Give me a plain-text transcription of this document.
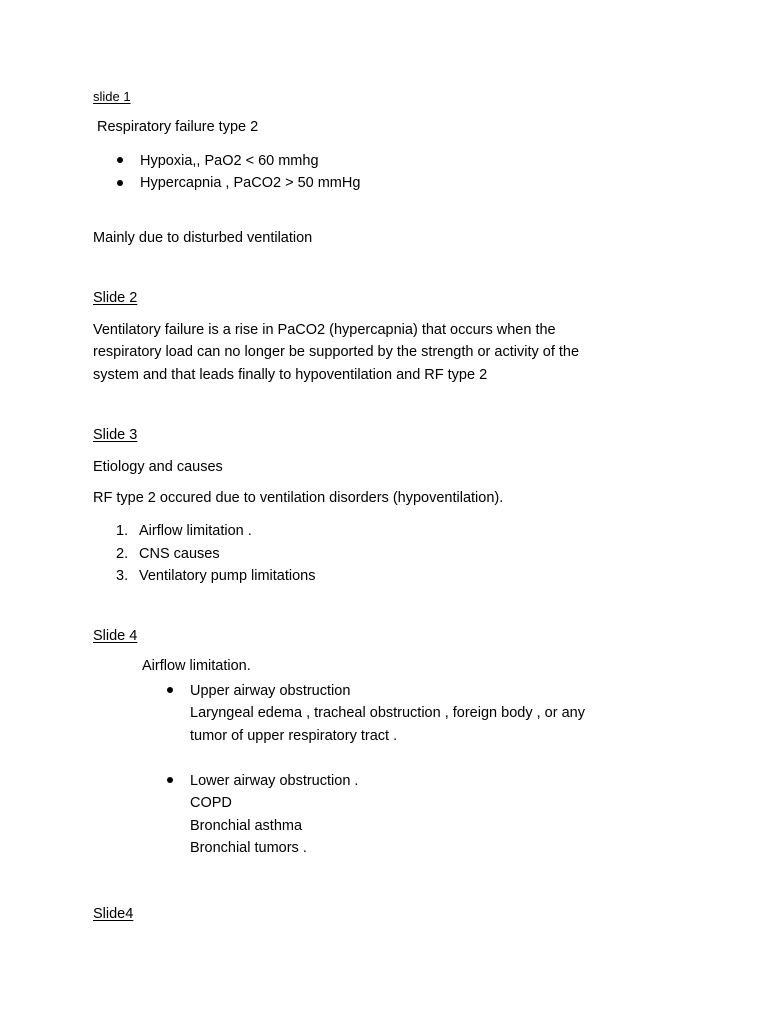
slide 1
Respiratory failure type 2
Hypoxia,, PaO2 < 60 mmhg
Hypercapnia , PaCO2 > 50 mmHg
Mainly due to disturbed ventilation
Slide 2
Ventilatory failure is a rise in PaCO2 (hypercapnia) that occurs when the
respiratory load can no longer be supported by the strength or activity of the
system and that leads finally to hypoventilation and RF type 2
Slide 3
Etiology and causes
RF type 2 occured due to ventilation disorders (hypoventilation).
1. Airflow limitation .
2. CNS causes
3. Ventilatory pump limitations
Slide 4
Airflow limitation.
Upper airway obstruction
Laryngeal edema , tracheal obstruction , foreign body , or any
tumor of upper respiratory tract .
Lower airway obstruction .
COPD
Bronchial asthma
Bronchial tumors .
Slide4
